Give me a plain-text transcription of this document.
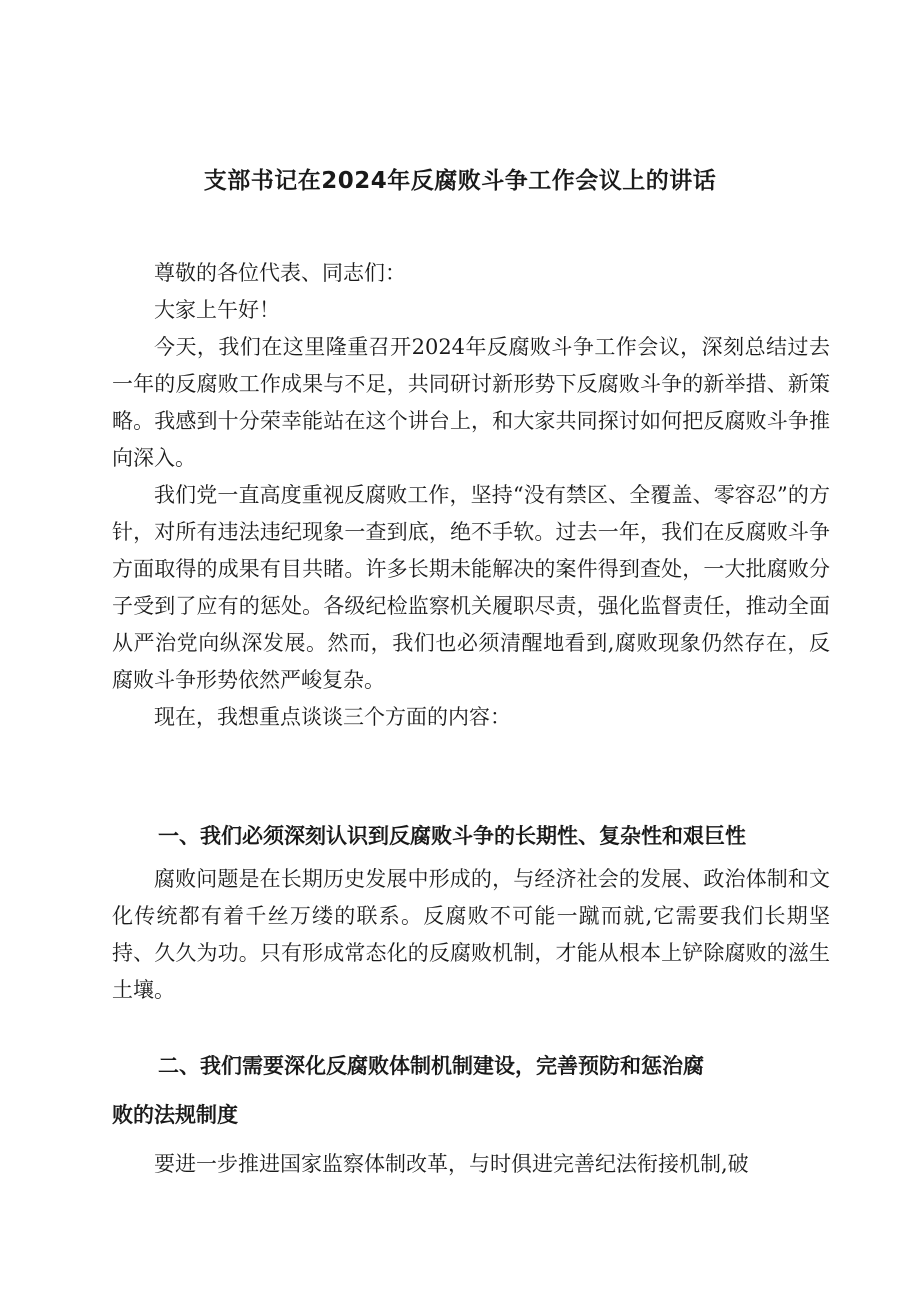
支部书记在2024年反腐败斗争工作会议上的讲话

尊敬的各位代表、同志们：

大家上午好！

今天，我们在这里隆重召开2024年反腐败斗争工作会议，深刻总结过去一年的反腐败工作成果与不足，共同研讨新形势下反腐败斗争的新举措、新策略。我感到十分荣幸能站在这个讲台上，和大家共同探讨如何把反腐败斗争推向深入。

我们党一直高度重视反腐败工作，坚持“没有禁区、全覆盖、零容忍”的方针，对所有违法违纪现象一查到底，绝不手软。过去一年，我们在反腐败斗争方面取得的成果有目共睹。许多长期未能解决的案件得到查处，一大批腐败分子受到了应有的惩处。各级纪检监察机关履职尽责，强化监督责任，推动全面从严治党向纵深发展。然而，我们也必须清醒地看到,腐败现象仍然存在，反腐败斗争形势依然严峻复杂。

现在，我想重点谈谈三个方面的内容：

一、我们必须深刻认识到反腐败斗争的长期性、复杂性和艰巨性

腐败问题是在长期历史发展中形成的，与经济社会的发展、政治体制和文化传统都有着千丝万缕的联系。反腐败不可能一蹴而就,它需要我们长期坚持、久久为功。只有形成常态化的反腐败机制，才能从根本上铲除腐败的滋生土壤。

二、我们需要深化反腐败体制机制建设，完善预防和惩治腐
败的法规制度

要进一步推进国家监察体制改革，与时俱进完善纪法衔接机制,破
